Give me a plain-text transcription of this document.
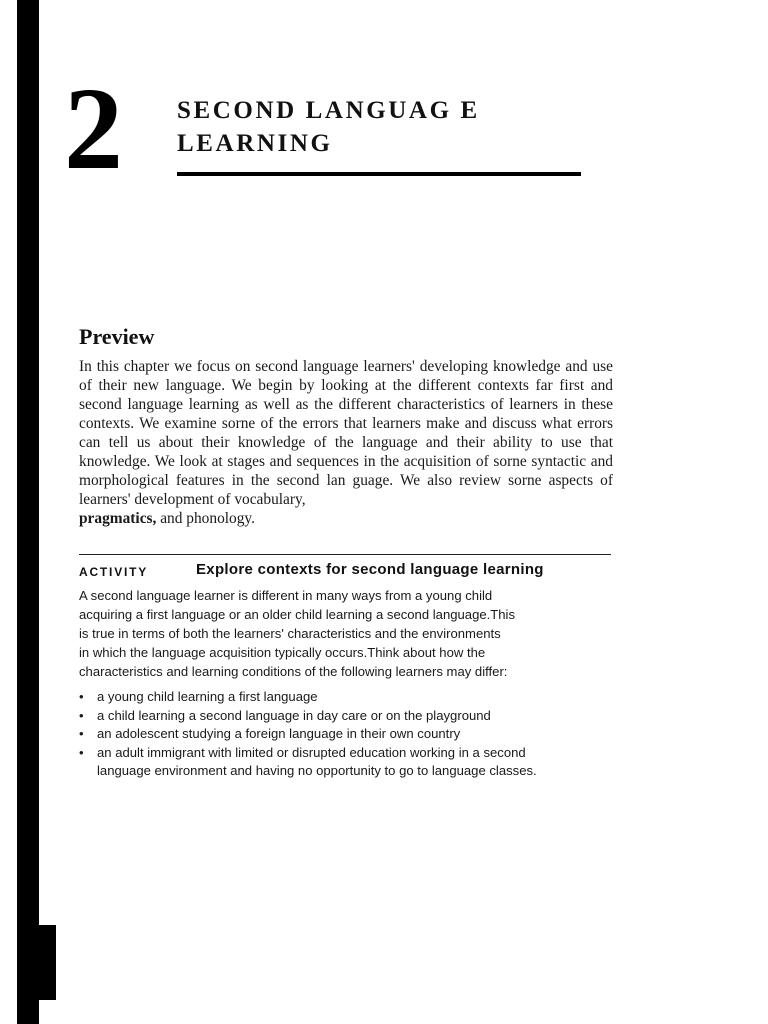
2 SECOND LANGUAG E
LEARNING
Preview

In this chapter we focus on second language learners' developing knowledge and use of their new language. We begin by looking at the different contexts far first and second language learning as well as the different characteristics of learners in these contexts. We examine sorne of the errors that learners make and discuss what errors can tell us about their knowledge of the language and their ability to use that knowledge. We look at stages and sequences in the acquisition of sorne syntactic and morphological features in the second lan guage. We also review sorne aspects of learners' development of vocabulary,
pragmatics, and phonology.

ACTIVITY	Explore contexts for second language learning

A second language learner is different in many ways from a young child
acquiring a first language or an older child learning a second language.This
is true in terms of both the learners' characteristics and the environments
in which the language acquisition typically occurs.Think about how the
characteristics and learning conditions of the following learners may differ:

• a young child learning a first language
• a child learning a second language in day care or on the playground
• an adolescent studying a foreign language in their own country
• an adult immigrant with limited or disrupted education working in a second
language environment and having no opportunity to go to language classes.
